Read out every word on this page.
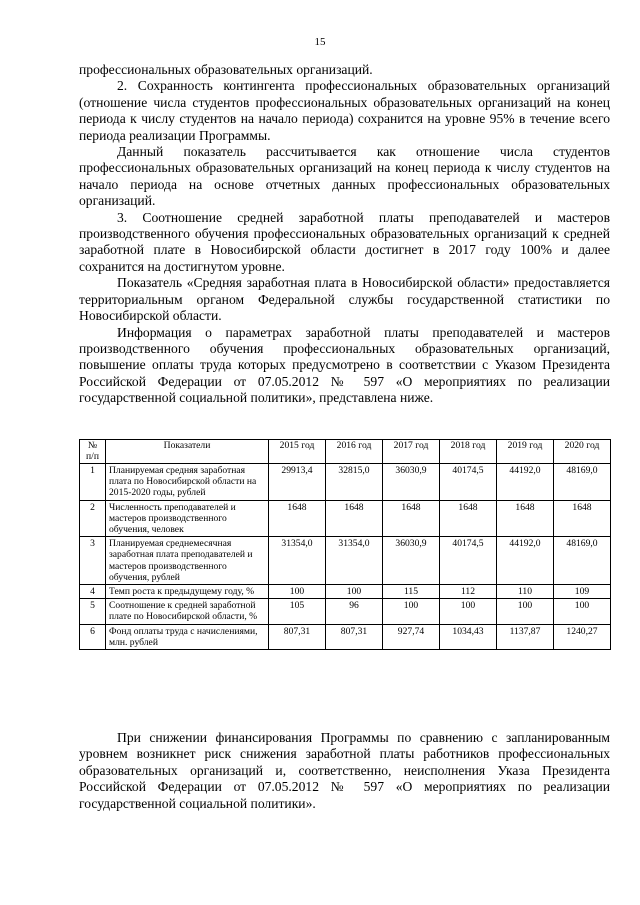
15

профессиональных образовательных организаций.

2. Сохранность контингента профессиональных образовательных организаций (отношение числа студентов профессиональных образовательных организаций на конец периода к числу студентов на начало периода) сохранится на уровне 95% в течение всего периода реализации Программы.

Данный показатель рассчитывается как отношение числа студентов профессиональных образовательных организаций на конец периода к числу студентов на начало периода на основе отчетных данных профессиональных образовательных организаций.

3. Соотношение средней заработной платы преподавателей и мастеров производственного обучения профессиональных образовательных организаций к средней заработной плате в Новосибирской области достигнет в 2017 году 100% и далее сохранится на достигнутом уровне.

Показатель «Средняя заработная плата в Новосибирской области» предоставляется территориальным органом Федеральной службы государственной статистики по Новосибирской области.

Информация о параметрах заработной платы преподавателей и мастеров производственного обучения профессиональных образовательных организаций, повышение оплаты труда которых предусмотрено в соответствии с Указом Президента Российской Федерации от 07.05.2012 № 597 «О мероприятиях по реализации государственной социальной политики», представлена ниже.

№ п/п	Показатели	2015 год	2016 год	2017 год	2018 год	2019 год	2020 год
1	Планируемая средняя заработная плата по Новосибирской области на 2015-2020 годы, рублей	29913,4	32815,0	36030,9	40174,5	44192,0	48169,0
2	Численность преподавателей и мастеров производственного обучения, человек	1648	1648	1648	1648	1648	1648
3	Планируемая среднемесячная заработная плата преподавателей и мастеров производственного обучения, рублей	31354,0	31354,0	36030,9	40174,5	44192,0	48169,0
4	Темп роста к предыдущему году, %	100	100	115	112	110	109
5	Соотношение к средней заработной плате по Новосибирской области, %	105	96	100	100	100	100
6	Фонд оплаты труда с начислениями, млн. рублей	807,31	807,31	927,74	1034,43	1137,87	1240,27

При снижении финансирования Программы по сравнению с запланированным уровнем возникнет риск снижения заработной платы работников профессиональных образовательных организаций и, соответственно, неисполнения Указа Президента Российской Федерации от 07.05.2012 № 597 «О мероприятиях по реализации государственной социальной политики».
